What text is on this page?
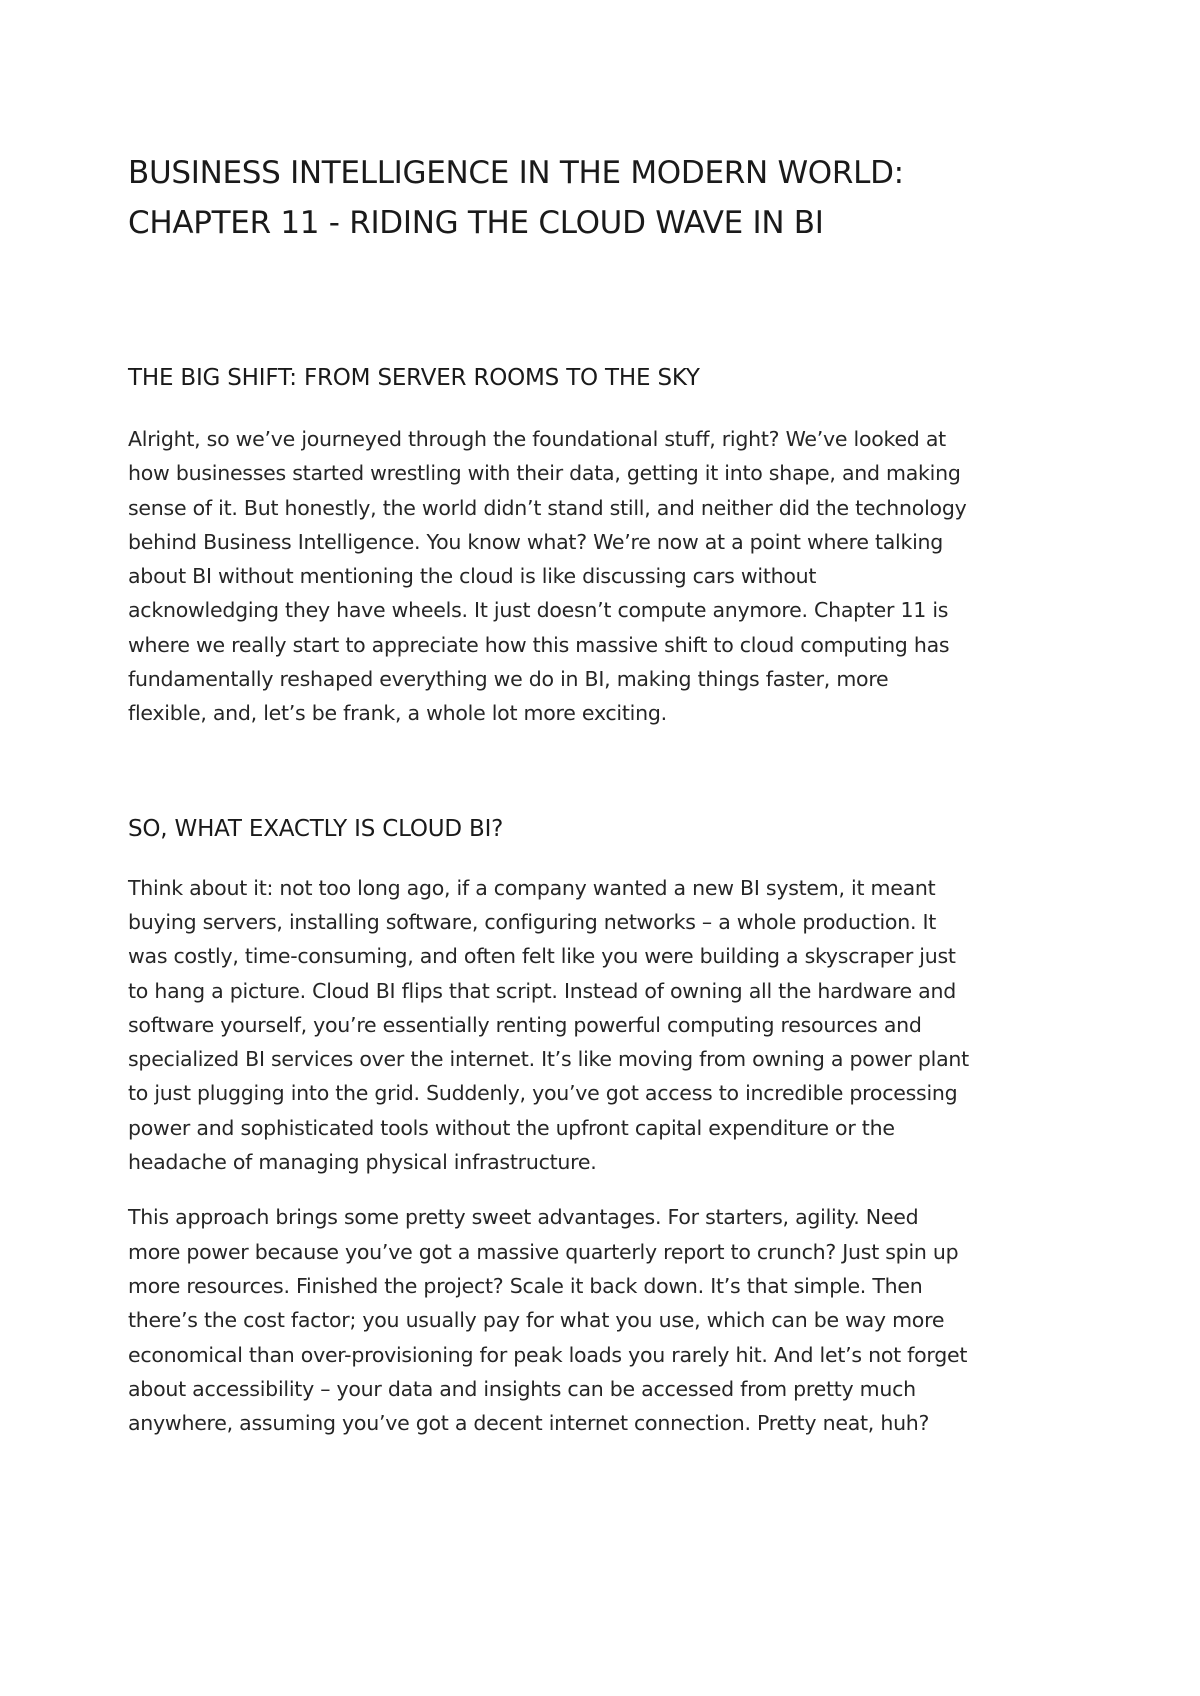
BUSINESS INTELLIGENCE IN THE MODERN WORLD:
CHAPTER 11 - RIDING THE CLOUD WAVE IN BI
THE BIG SHIFT: FROM SERVER ROOMS TO THE SKY

Alright, so we’ve journeyed through the foundational stuff, right? We’ve looked at
how businesses started wrestling with their data, getting it into shape, and making
sense of it. But honestly, the world didn’t stand still, and neither did the technology
behind Business Intelligence. You know what? We’re now at a point where talking
about BI without mentioning the cloud is like discussing cars without
acknowledging they have wheels. It just doesn’t compute anymore. Chapter 11 is
where we really start to appreciate how this massive shift to cloud computing has
fundamentally reshaped everything we do in BI, making things faster, more
flexible, and, let’s be frank, a whole lot more exciting.

SO, WHAT EXACTLY IS CLOUD BI?

Think about it: not too long ago, if a company wanted a new BI system, it meant
buying servers, installing software, configuring networks – a whole production. It
was costly, time-consuming, and often felt like you were building a skyscraper just
to hang a picture. Cloud BI flips that script. Instead of owning all the hardware and
software yourself, you’re essentially renting powerful computing resources and
specialized BI services over the internet. It’s like moving from owning a power plant
to just plugging into the grid. Suddenly, you’ve got access to incredible processing
power and sophisticated tools without the upfront capital expenditure or the
headache of managing physical infrastructure.

This approach brings some pretty sweet advantages. For starters, agility. Need
more power because you’ve got a massive quarterly report to crunch? Just spin up
more resources. Finished the project? Scale it back down. It’s that simple. Then
there’s the cost factor; you usually pay for what you use, which can be way more
economical than over-provisioning for peak loads you rarely hit. And let’s not forget
about accessibility – your data and insights can be accessed from pretty much
anywhere, assuming you’ve got a decent internet connection. Pretty neat, huh?
